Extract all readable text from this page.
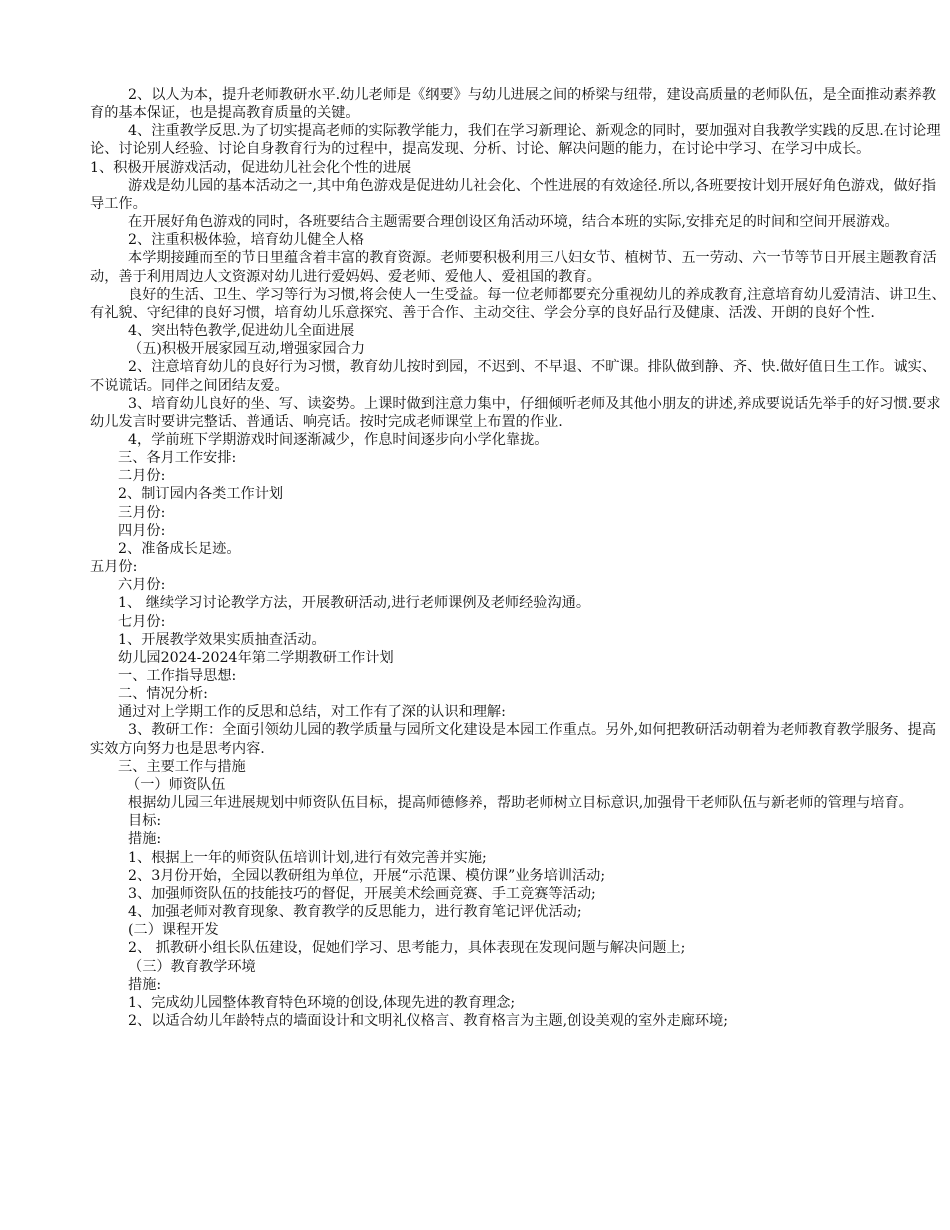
2、以人为本，提升老师教研水平.幼儿老师是《纲要》与幼儿进展之间的桥梁与纽带，建设高质量的老师队伍，是全面推动素养教育的基本保证，也是提高教育质量的关键。

4、注重教学反思.为了切实提高老师的实际教学能力，我们在学习新理论、新观念的同时，要加强对自我教学实践的反思.在讨论理论、讨论别人经验、讨论自身教育行为的过程中，提高发现、分析、讨论、解决问题的能力，在讨论中学习、在学习中成长。

1、积极开展游戏活动，促进幼儿社会化个性的进展

游戏是幼儿园的基本活动之一,其中角色游戏是促进幼儿社会化、个性进展的有效途径.所以,各班要按计划开展好角色游戏，做好指导工作。

在开展好角色游戏的同时，各班要结合主题需要合理创设区角活动环境，结合本班的实际,安排充足的时间和空间开展游戏。

2、注重积极体验，培育幼儿健全人格

本学期接踵而至的节日里蕴含着丰富的教育资源。老师要积极利用三八妇女节、植树节、五一劳动、六一节等节日开展主题教育活动，善于利用周边人文资源对幼儿进行爱妈妈、爱老师、爱他人、爱祖国的教育。

良好的生活、卫生、学习等行为习惯,将会使人一生受益。每一位老师都要充分重视幼儿的养成教育,注意培育幼儿爱清洁、讲卫生、有礼貌、守纪律的良好习惯，培育幼儿乐意探究、善于合作、主动交往、学会分享的良好品行及健康、活泼、开朗的良好个性.

4、突出特色教学,促进幼儿全面进展

（五)积极开展家园互动,增强家园合力

2、注意培育幼儿的良好行为习惯，教育幼儿按时到园，不迟到、不早退、不旷课。排队做到静、齐、快.做好值日生工作。诚实、不说谎话。同伴之间团结友爱。

3、培育幼儿良好的坐、写、读姿势。上课时做到注意力集中，仔细倾听老师及其他小朋友的讲述,养成要说话先举手的好习惯.要求幼儿发言时要讲完整话、普通话、响亮话。按时完成老师课堂上布置的作业.

4，学前班下学期游戏时间逐渐减少，作息时间逐步向小学化靠拢。

三、各月工作安排:

二月份:

2、制订园内各类工作计划

三月份:

四月份:

2、准备成长足迹。

五月份:

六月份:

1、 继续学习讨论教学方法，开展教研活动,进行老师课例及老师经验沟通。

七月份:

1、开展教学效果实质抽查活动。

幼儿园2024-2024年第二学期教研工作计划

一、工作指导思想:

二、情况分析:

通过对上学期工作的反思和总结，对工作有了深的认识和理解:

3、教研工作：全面引领幼儿园的教学质量与园所文化建设是本园工作重点。另外,如何把教研活动朝着为老师教育教学服务、提高实效方向努力也是思考内容.

三、主要工作与措施

（一）师资队伍

根据幼儿园三年进展规划中师资队伍目标，提高师德修养，帮助老师树立目标意识,加强骨干老师队伍与新老师的管理与培育。

目标:

措施:

1、根据上一年的师资队伍培训计划,进行有效完善并实施;

2、3月份开始，全园以教研组为单位，开展“示范课、模仿课”业务培训活动;

3、加强师资队伍的技能技巧的督促，开展美术绘画竞赛、手工竞赛等活动;

4、加强老师对教育现象、教育教学的反思能力，进行教育笔记评优活动;

(二）课程开发

2、 抓教研小组长队伍建设，促她们学习、思考能力，具体表现在发现问题与解决问题上;

（三）教育教学环境

措施:

1、完成幼儿园整体教育特色环境的创设,体现先进的教育理念;

2、以适合幼儿年龄特点的墙面设计和文明礼仪格言、教育格言为主题,创设美观的室外走廊环境;
